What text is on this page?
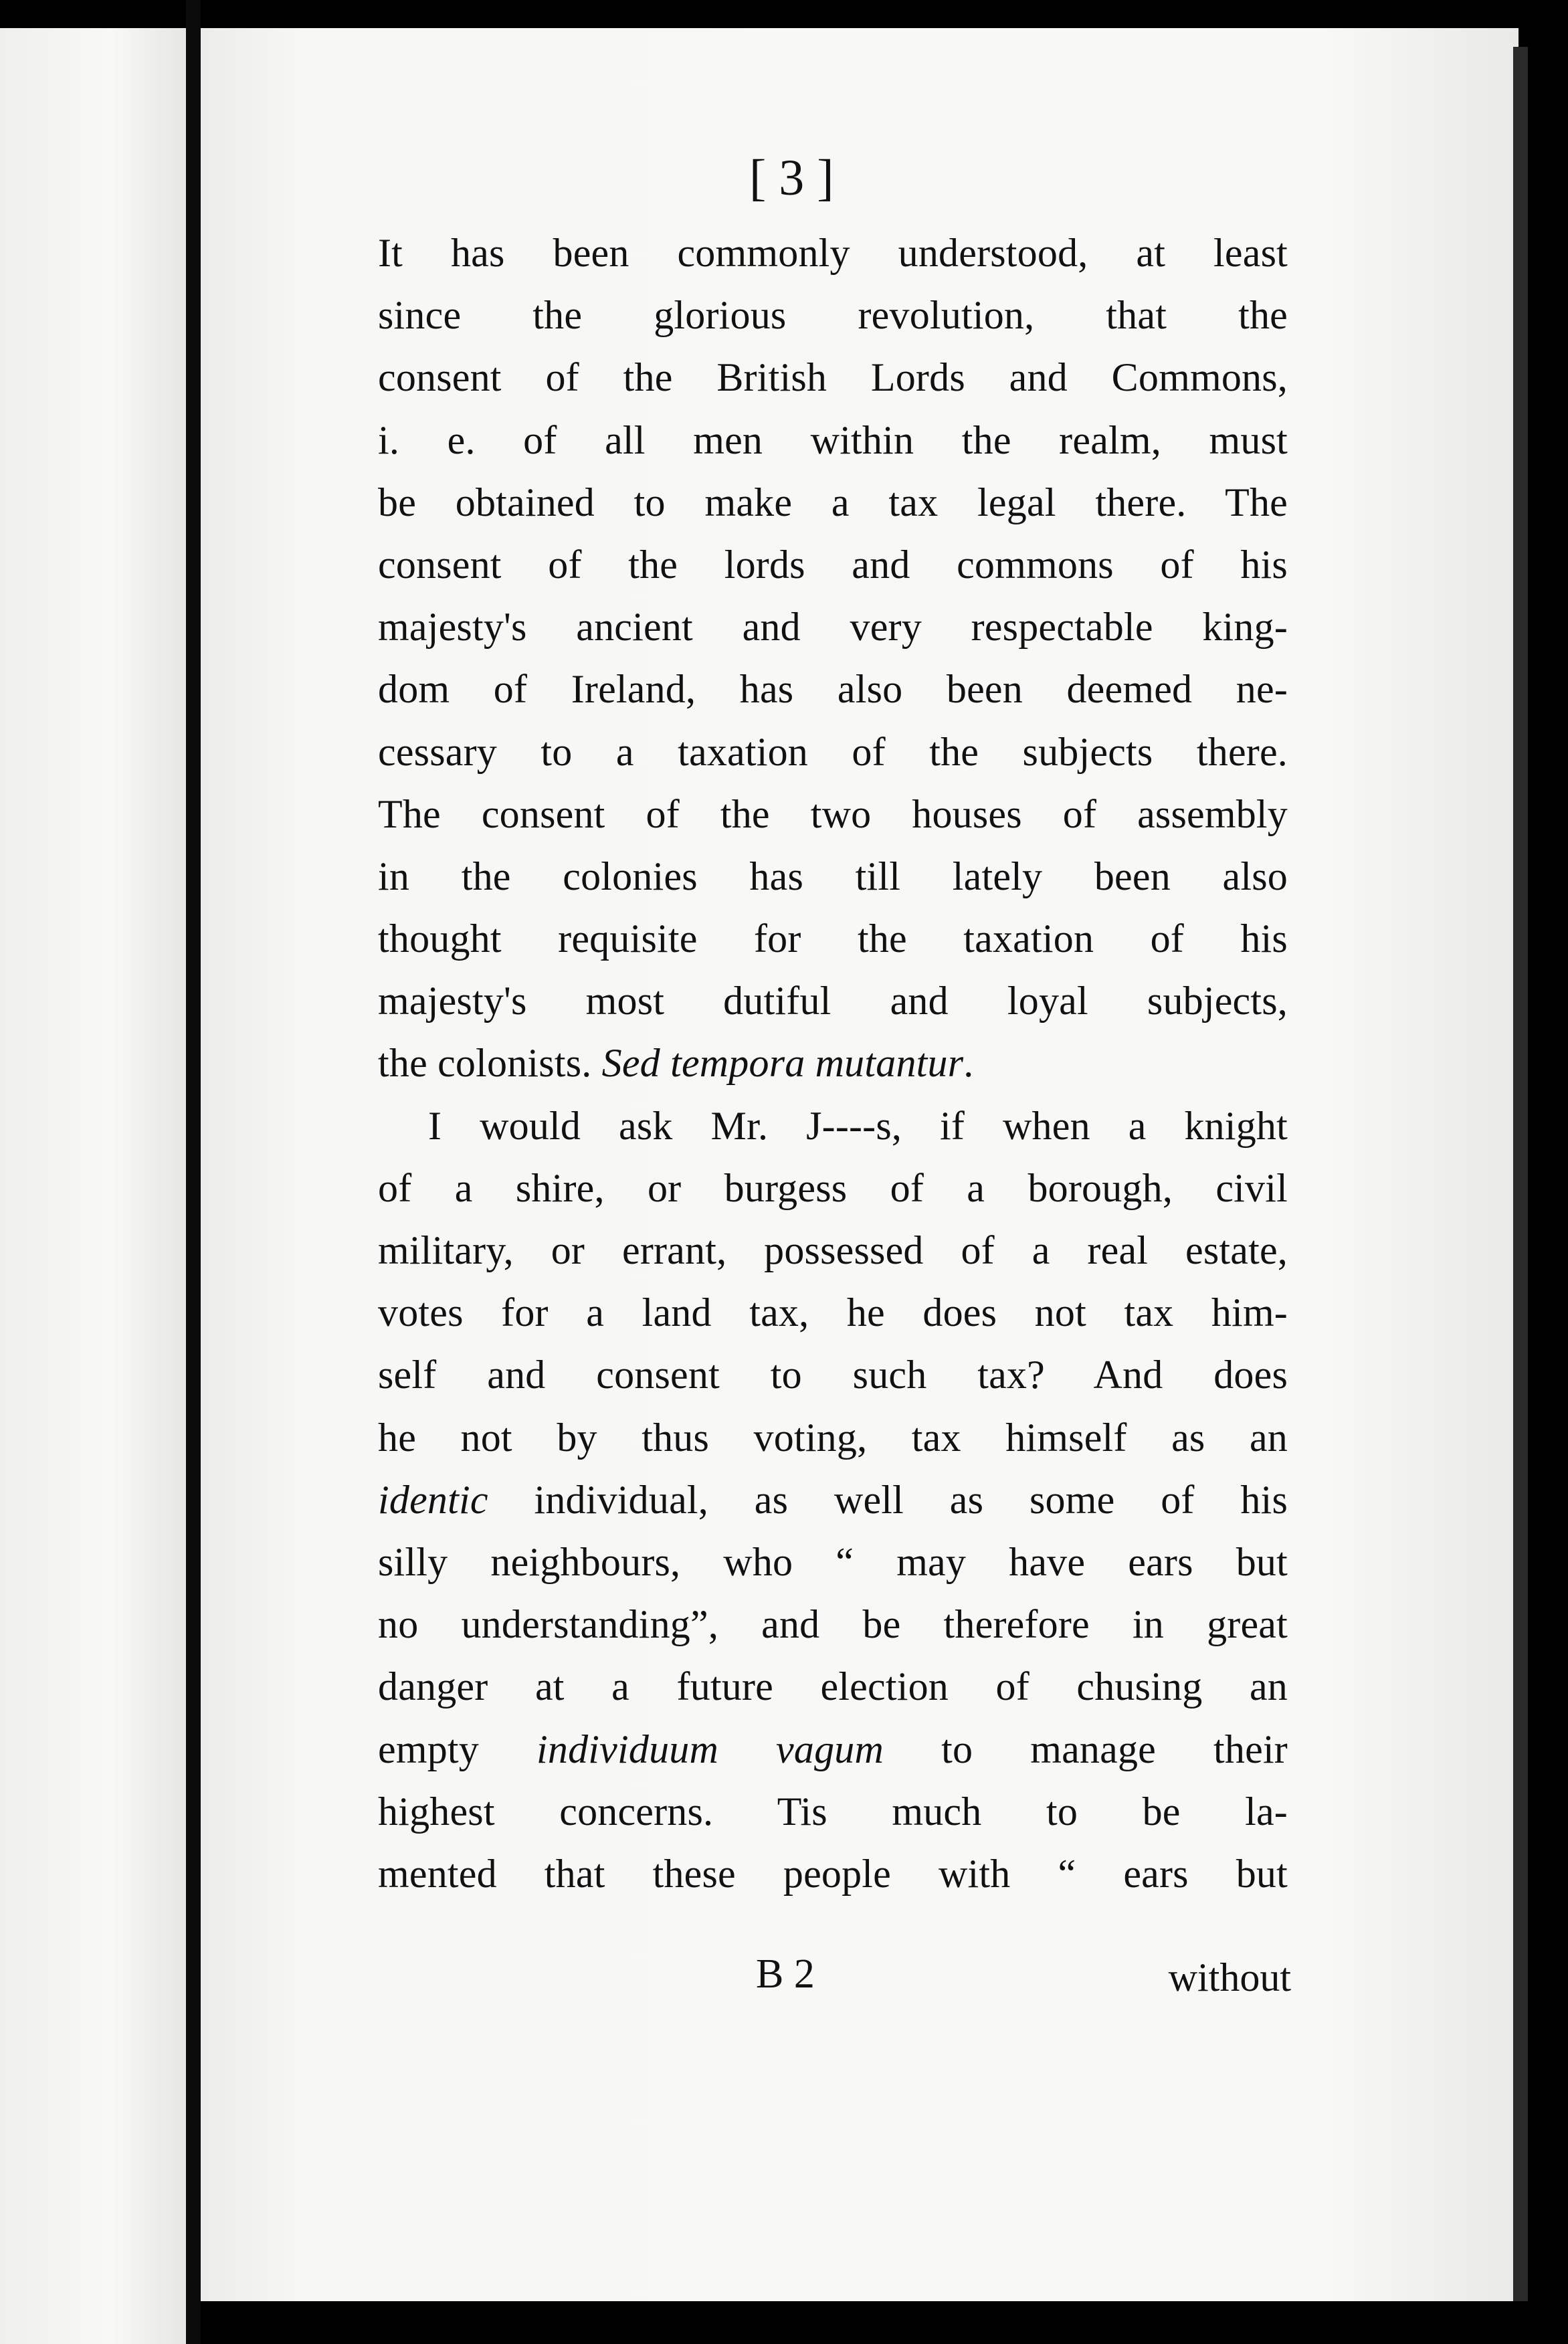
[ 3 ]
It has been commonly understood, at least
since the glorious revolution, that the
consent of the British Lords and Commons,
i. e. of all men within the realm, must
be obtained to make a tax legal there. The
consent of the lords and commons of his
majesty's ancient and very respectable king-
dom of Ireland, has also been deemed ne-
cessary to a taxation of the subjects there.
The consent of the two houses of assembly
in the colonies has till lately been also
thought requisite for the taxation of his
majesty's most dutiful and loyal subjects,
the colonists. Sed tempora mutantur.
I would ask Mr. J----s, if when a knight
of a shire, or burgess of a borough, civil
military, or errant, possessed of a real estate,
votes for a land tax, he does not tax him-
self and consent to such tax? And does
he not by thus voting, tax himself as an
identic individual, as well as some of his
silly neighbours, who “ may have ears but
no understanding”, and be therefore in great
danger at a future election of chusing an
empty individuum vagum to manage their
highest concerns. Tis much to be la-
mented that these people with “ ears but
B 2	without
